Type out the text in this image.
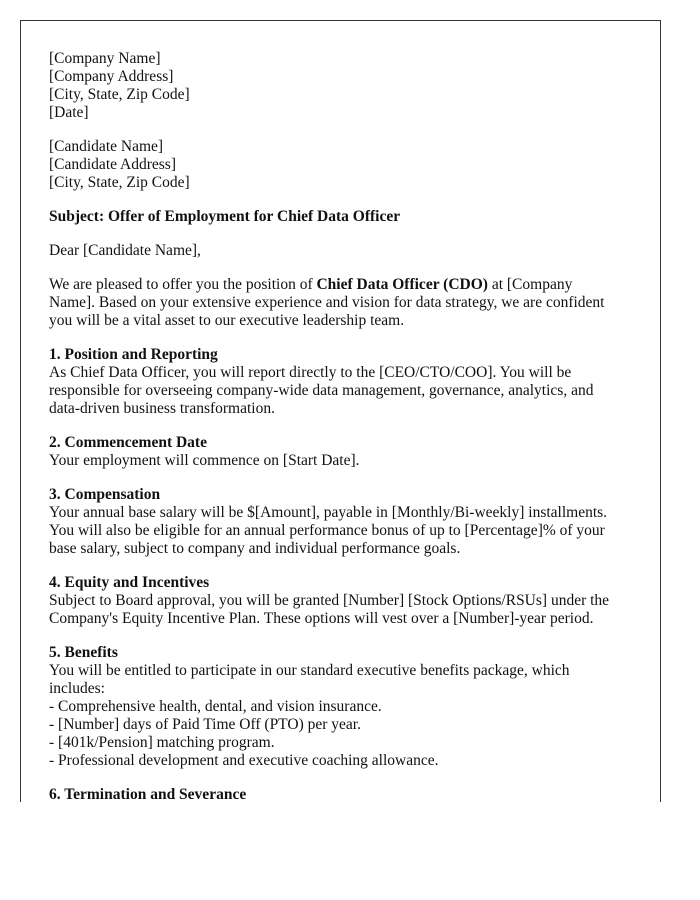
[Company Name]
[Company Address]
[City, State, Zip Code]
[Date]
[Candidate Name]
[Candidate Address]
[City, State, Zip Code]
Subject: Offer of Employment for Chief Data Officer
Dear [Candidate Name],
We are pleased to offer you the position of Chief Data Officer (CDO) at [Company
Name]. Based on your extensive experience and vision for data strategy, we are confident
you will be a vital asset to our executive leadership team.
1. Position and Reporting
As Chief Data Officer, you will report directly to the [CEO/CTO/COO]. You will be
responsible for overseeing company-wide data management, governance, analytics, and
data-driven business transformation.
2. Commencement Date
Your employment will commence on [Start Date].
3. Compensation
Your annual base salary will be $[Amount], payable in [Monthly/Bi-weekly] installments.
You will also be eligible for an annual performance bonus of up to [Percentage]% of your
base salary, subject to company and individual performance goals.
4. Equity and Incentives
Subject to Board approval, you will be granted [Number] [Stock Options/RSUs] under the
Company's Equity Incentive Plan. These options will vest over a [Number]-year period.
5. Benefits
You will be entitled to participate in our standard executive benefits package, which
includes:
- Comprehensive health, dental, and vision insurance.
- [Number] days of Paid Time Off (PTO) per year.
- [401k/Pension] matching program.
- Professional development and executive coaching allowance.
6. Termination and Severance
